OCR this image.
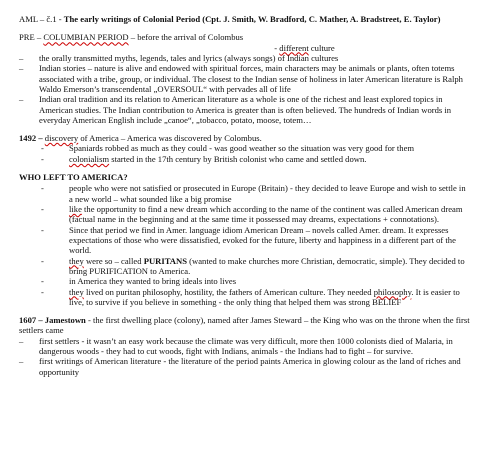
AML – č.1 - The early writings of Colonial Period (Cpt. J. Smith, W. Bradford, C. Mather, A. Bradstreet, E. Taylor)

PRE – COLUMBIAN PERIOD – before the arrival of Colombus

- different culture

– the orally transmitted myths, legends, tales and lyrics (always songs) of Indian cultures
– Indian stories – nature is alive and endowed with spiritual forces, main characters may be animals or plants, often totems associated with a tribe, group, or individual. The closest to the Indian sense of holiness in later American literature is Ralph Waldo Emerson’s transcendental „OVERSOUL“ with pervades all of life
– Indian oral tradition and its relation to American literature as a whole is one of the richest and least explored topics in American studies. The Indian contribution to America is greater than is often believed. The hundreds of Indian words in everyday American English include „canoe“, „tobacco, potato, moose, totem…

1492 – discovery of America – America was discovered by Colombus.

- Spaniards robbed as much as they could - was good weather so the situation was very good for them
- colonialism started in the 17th century by British colonist who came and settled down.

WHO LEFT TO AMERICA?

- people who were not satisfied or prosecuted in Europe (Britain) - they decided to leave Europe and wish to settle in a new world – what sounded like a big promise
- like the opportunity to find a new dream which according to the name of the continent was called American dream (factual name in the beginning and at the same time it possessed may dreams, expectations + connotations).
- Since that period we find in Amer. language idiom American Dream – novels called Amer. dream. It expresses expectations of those who were dissatisfied, evoked for the future, liberty and happiness in a different part of the world.
- they were so – called PURITANS (wanted to make churches more Christian, democratic, simple). They decided to bring PURIFICATION to America.
- in America they wanted to bring ideals into lives
- they lived on puritan philosophy, hostility, the fathers of American culture. They needed philosophy. It is easier to live, to survive if you believe in something - the only thing that helped them was strong BELIEF

1607 – Jamestown - the first dwelling place (colony), named after James Steward – the King who was on the throne when the first settlers came

– first settlers - it wasn’t an easy work because the climate was very difficult, more then 1000 colonists died of Malaria, in dangerous woods - they had to cut woods, fight with Indians, animals - the Indians had to fight – for survive.
– first writings of American literature - the literature of the period paints America in glowing colour as the land of riches and opportunity
